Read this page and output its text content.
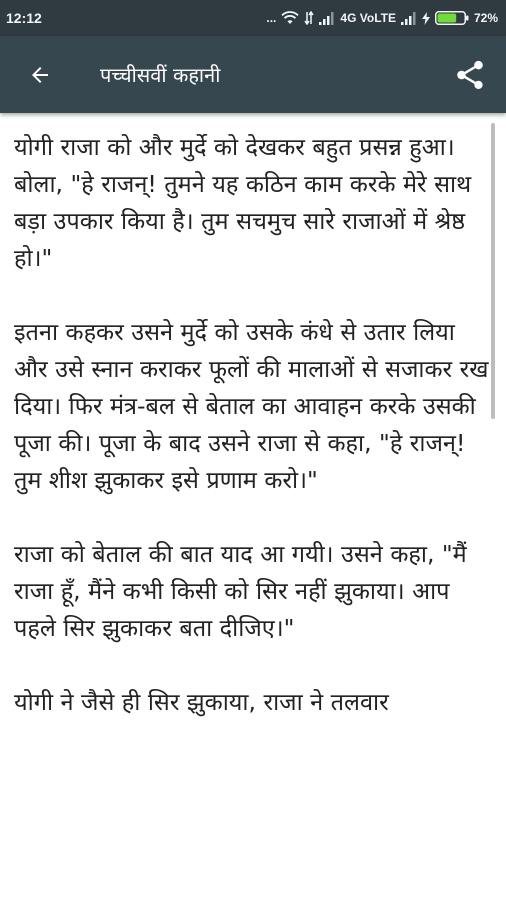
12:12	...	4G VoLTE	72%
पच्चीसवीं कहानी

योगी राजा को और मुर्दे को देखकर बहुत प्रसन्न हुआ। बोला, "हे राजन्! तुमने यह कठिन काम करके मेरे साथ बड़ा उपकार किया है। तुम सचमुच सारे राजाओं में श्रेष्ठ हो।"

इतना कहकर उसने मुर्दे को उसके कंधे से उतार लिया और उसे स्नान कराकर फूलों की मालाओं से सजाकर रख दिया। फिर मंत्र-बल से बेताल का आवाहन करके उसकी पूजा की। पूजा के बाद उसने राजा से कहा, "हे राजन्! तुम शीश झुकाकर इसे प्रणाम करो।"

राजा को बेताल की बात याद आ गयी। उसने कहा, "मैं राजा हूँ, मैंने कभी किसी को सिर नहीं झुकाया। आप पहले सिर झुकाकर बता दीजिए।"

योगी ने जैसे ही सिर झुकाया, राजा ने तलवार
